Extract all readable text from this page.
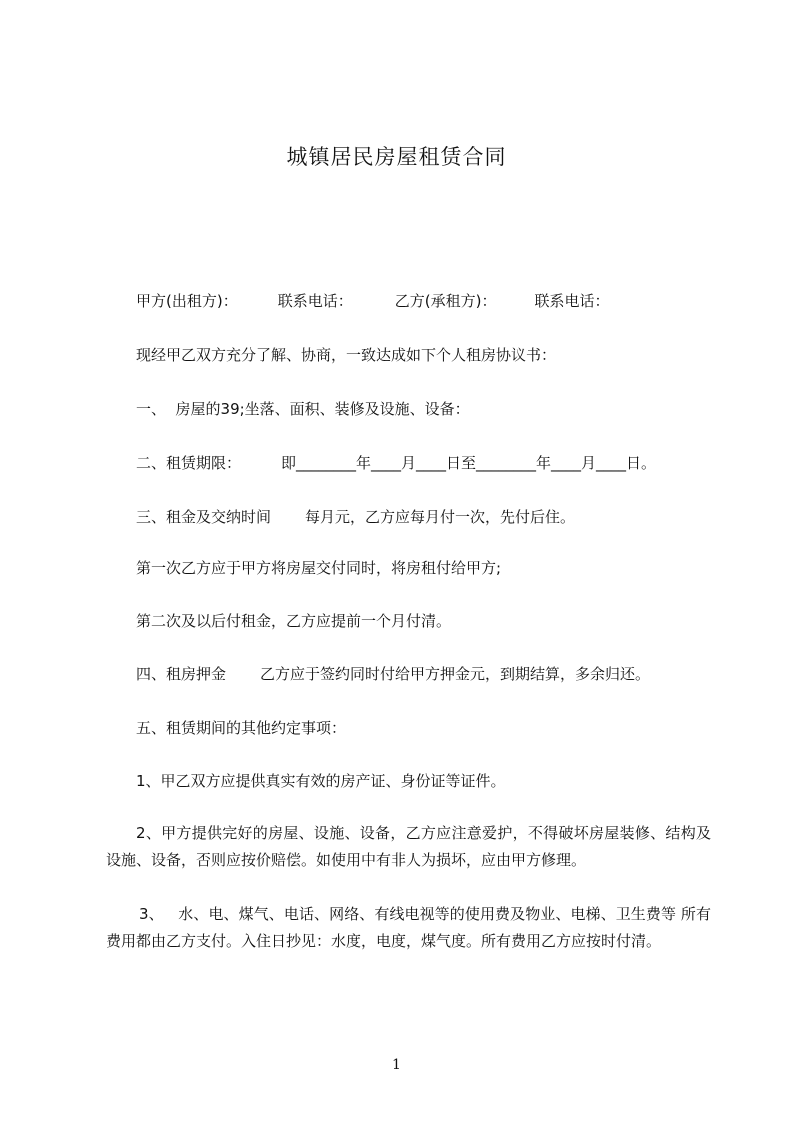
城镇居民房屋租赁合同

甲方(出租方)：	联系电话：	乙方(承租方)：	联系电话：

现经甲乙双方充分了解、协商，一致达成如下个人租房协议书：

一、  房屋的39;坐落、面积、装修及设施、设备：

二、租赁期限：	即________年____月____日至________年____月____日。

三、租金及交纳时间 每月元，乙方应每月付一次，先付后住。

第一次乙方应于甲方将房屋交付同时，将房租付给甲方;

第二次及以后付租金，乙方应提前一个月付清。

四、租房押金 乙方应于签约同时付给甲方押金元，到期结算，多余归还。

五、租赁期间的其他约定事项：

1、甲乙双方应提供真实有效的房产证、身份证等证件。

2、甲方提供完好的房屋、设施、设备，乙方应注意爱护，不得破坏房屋装修、结构及设施、设备，否则应按价赔偿。如使用中有非人为损坏，应由甲方修理。

3、   水、电、煤气、电话、网络、有线电视等的使用费及物业、电梯、卫生费等 所有费用都由乙方支付。入住日抄见：水度，电度，煤气度。所有费用乙方应按时付清。

1
